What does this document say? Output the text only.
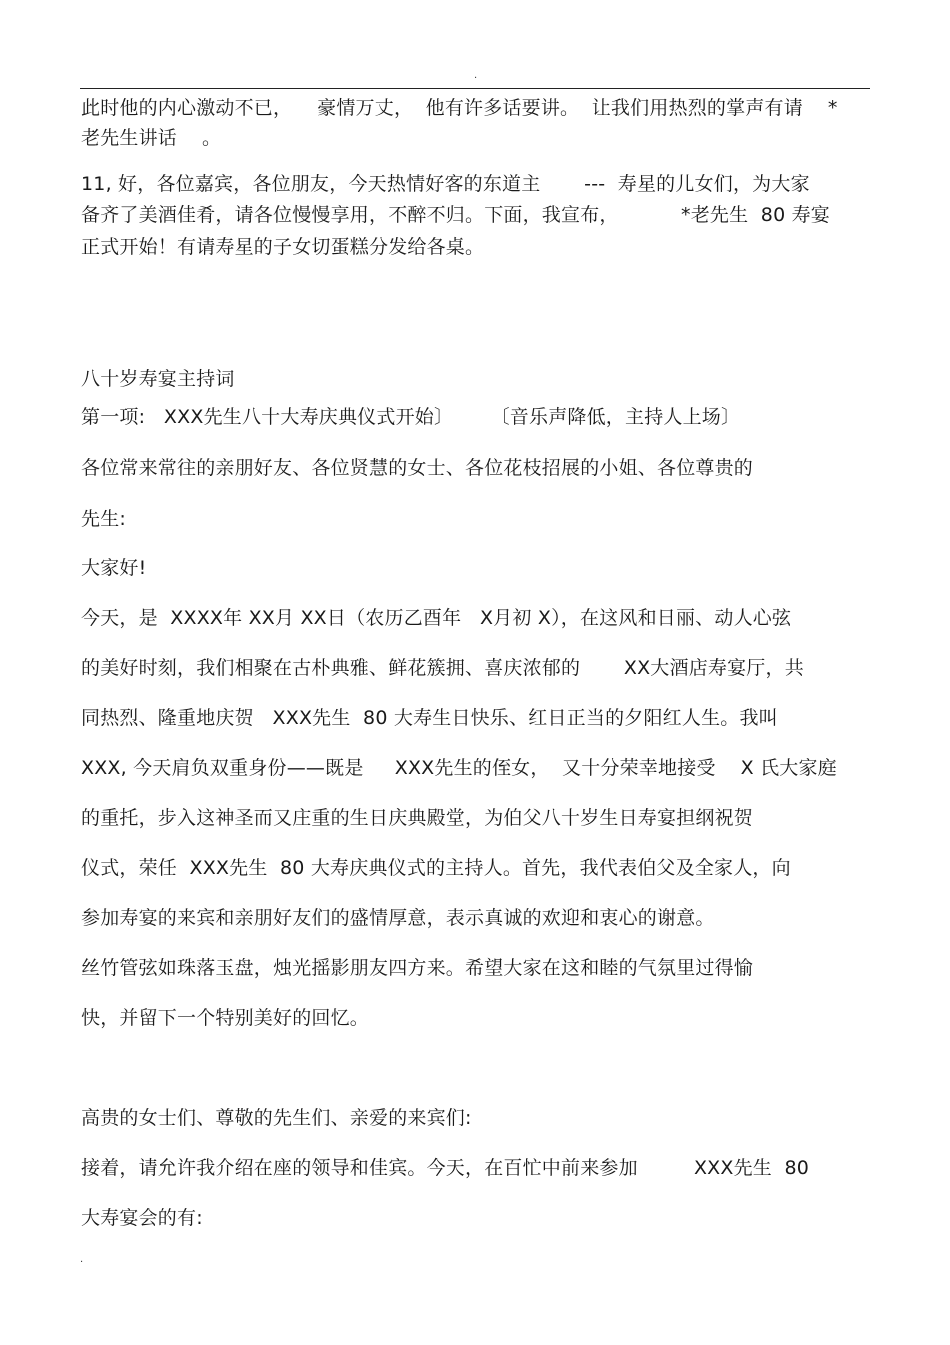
.
此时他的内心激动不已，    豪情万丈，  他有许多话要讲。  让我们用热烈的掌声有请    *
老先生讲话    。
11, 好，各位嘉宾，各位朋友，今天热情好客的东道主       ---  寿星的儿女们，为大家
备齐了美酒佳肴，请各位慢慢享用，不醉不归。下面，我宣布，          *老先生  80 寿宴
正式开始！有请寿星的子女切蛋糕分发给各桌。
八十岁寿宴主持词
第一项:   XXX先生八十大寿庆典仪式开始〕      〔音乐声降低，主持人上场〕
各位常来常往的亲朋好友、各位贤慧的女士、各位花枝招展的小姐、各位尊贵的
先生:
大家好!
今天，是  XXXX年 XX月 XX日（农历乙酉年   X月初 X），在这风和日丽、动人心弦
的美好时刻，我们相聚在古朴典雅、鲜花簇拥、喜庆浓郁的       XX大酒店寿宴厅，共
同热烈、隆重地庆贺   XXX先生  80 大寿生日快乐、红日正当的夕阳红人生。我叫
XXX, 今天肩负双重身份——既是     XXX先生的侄女，  又十分荣幸地接受    X 氏大家庭
的重托，步入这神圣而又庄重的生日庆典殿堂，为伯父八十岁生日寿宴担纲祝贺
仪式，荣任  XXX先生  80 大寿庆典仪式的主持人。首先，我代表伯父及全家人，向
参加寿宴的来宾和亲朋好友们的盛情厚意，表示真诚的欢迎和衷心的谢意。
丝竹管弦如珠落玉盘，烛光摇影朋友四方来。希望大家在这和睦的气氛里过得愉
快，并留下一个特别美好的回忆。
高贵的女士们、尊敬的先生们、亲爱的来宾们:
接着，请允许我介绍在座的领导和佳宾。今天，在百忙中前来参加         XXX先生  80
大寿宴会的有:
.
